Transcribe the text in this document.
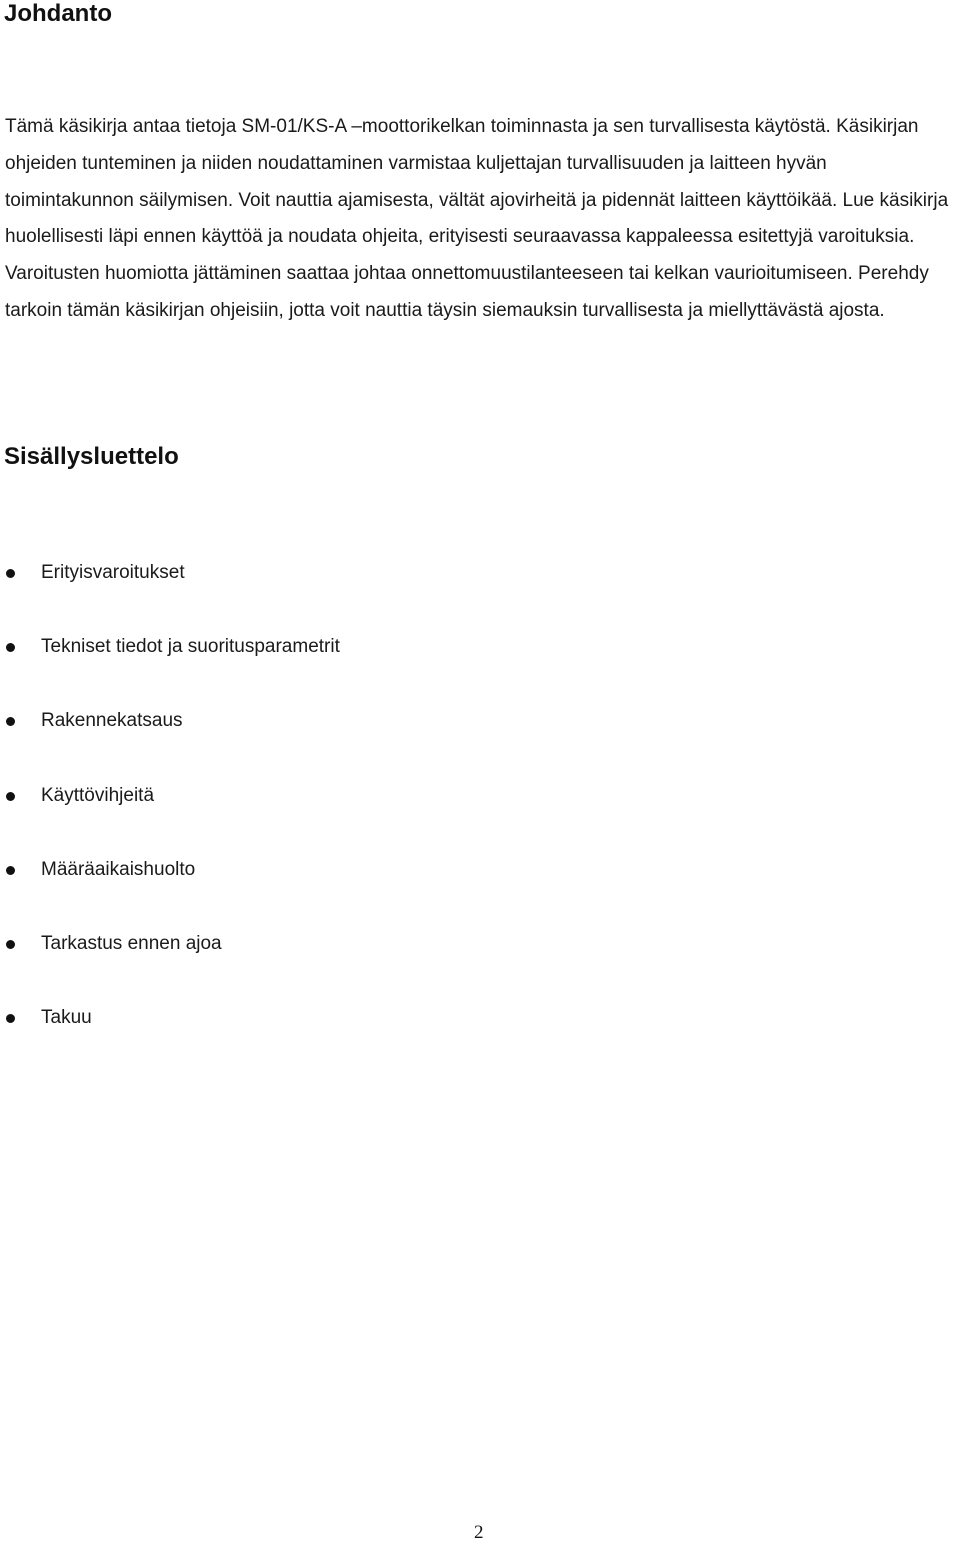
Johdanto

Tämä käsikirja antaa tietoja SM-01/KS-A –moottorikelkan toiminnasta ja sen turvallisesta käytöstä. Käsikirjan ohjeiden tunteminen ja niiden noudattaminen varmistaa kuljettajan turvallisuuden ja laitteen hyvän toimintakunnon säilymisen. Voit nauttia ajamisesta, vältät ajovirheitä ja pidennät laitteen käyttöikää. Lue käsikirja huolellisesti läpi ennen käyttöä ja noudata ohjeita, erityisesti seuraavassa kappaleessa esitettyjä varoituksia. Varoitusten huomiotta jättäminen saattaa johtaa onnettomuustilanteeseen tai kelkan vaurioitumiseen. Perehdy tarkoin tämän käsikirjan ohjeisiin, jotta voit nauttia täysin siemauksin turvallisesta ja miellyttävästä ajosta.

Sisällysluettelo
Erityisvaroitukset
Tekniset tiedot ja suoritusparametrit
Rakennekatsaus
Käyttövihjeitä
Määräaikaishuolto
Tarkastus ennen ajoa
Takuu
2
